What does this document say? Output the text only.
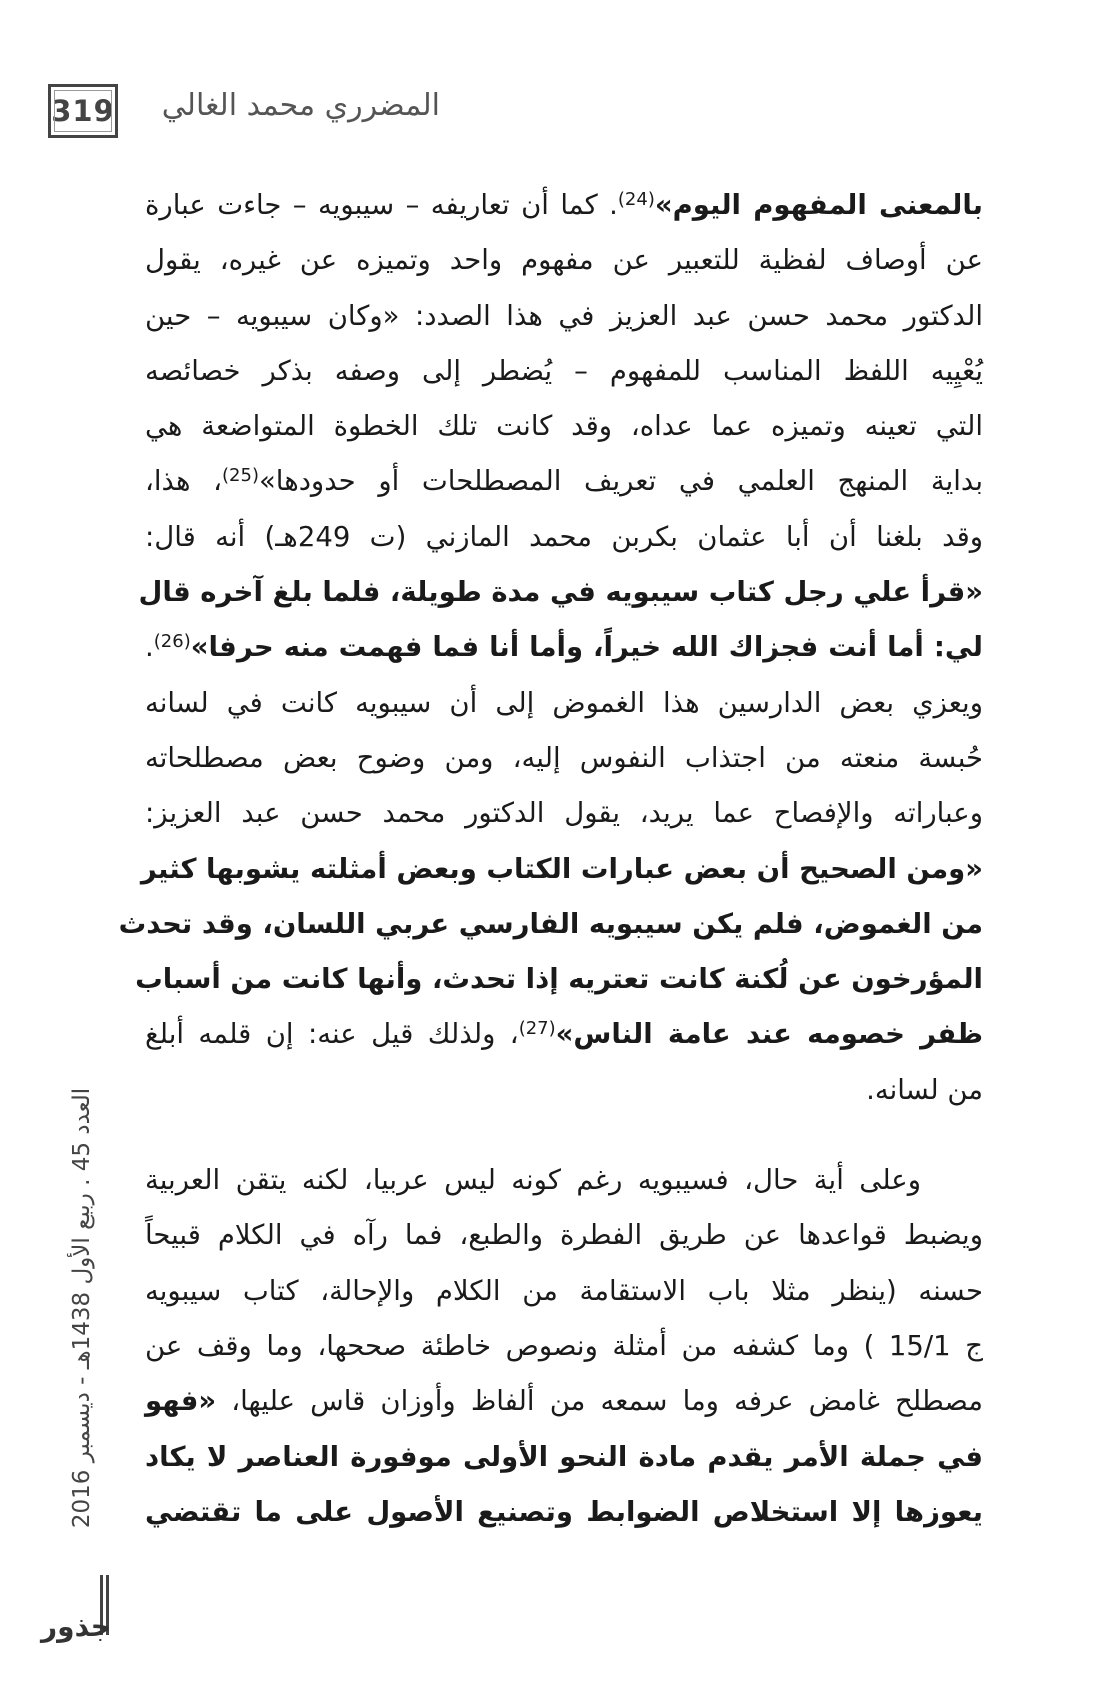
319	المضرري محمد الغالي

بالمعنى المفهوم اليوم»$^{(24)}$. كما أن تعاريفه – سيبويه – جاءت عبارة
عن أوصاف لفظية للتعبير عن مفهوم واحد وتميزه عن غيره، يقول
الدكتور محمد حسن عبد العزيز في هذا الصدد: «وكان سيبويه – حين
يُعْيِيه اللفظ المناسب للمفهوم – يُضطر إلى وصفه بذكر خصائصه
التي تعينه وتميزه عما عداه، وقد كانت تلك الخطوة المتواضعة هي
بداية المنهج العلمي في تعريف المصطلحات أو حدودها»$^{(25)}$، هذا،
وقد بلغنا أن أبا عثمان بكربن محمد المازني (ت 249هـ) أنه قال:
«قرأ علي رجل كتاب سيبويه في مدة طويلة، فلما بلغ آخره قال
لي: أما أنت فجزاك الله خيراً، وأما أنا فما فهمت منه حرفا»$^{(26)}$.
ويعزي بعض الدارسين هذا الغموض إلى أن سيبويه كانت في لسانه
حُبسة منعته من اجتذاب النفوس إليه، ومن وضوح بعض مصطلحاته
وعباراته والإفصاح عما يريد، يقول الدكتور محمد حسن عبد العزيز:
«ومن الصحيح أن بعض عبارات الكتاب وبعض أمثلته يشوبها كثير
من الغموض، فلم يكن سيبويه الفارسي عربي اللسان، وقد تحدث
المؤرخون عن لُكنة كانت تعتريه إذا تحدث، وأنها كانت من أسباب
ظفر خصومه عند عامة الناس»$^{(27)}$، ولذلك قيل عنه: إن قلمه أبلغ
من لسانه.

وعلى أية حال، فسيبويه رغم كونه ليس عربيا، لكنه يتقن العربية
ويضبط قواعدها عن طريق الفطرة والطبع، فما رآه في الكلام قبيحاً
حسنه (ينظر مثلا باب الاستقامة من الكلام والإحالة، كتاب سيبويه
ج 15/1 ) وما كشفه من أمثلة ونصوص خاطئة صححها، وما وقف عن
مصطلح غامض عرفه وما سمعه من ألفاظ وأوزان قاس عليها، «فهو
في جملة الأمر يقدم مادة النحو الأولى موفورة العناصر لا يكاد
يعوزها إلا استخلاص الضوابط وتصنيع الأصول على ما تقتضي

العدد 45 . ربيع الأول 1438هـ - ديسمبر 2016
جذور
